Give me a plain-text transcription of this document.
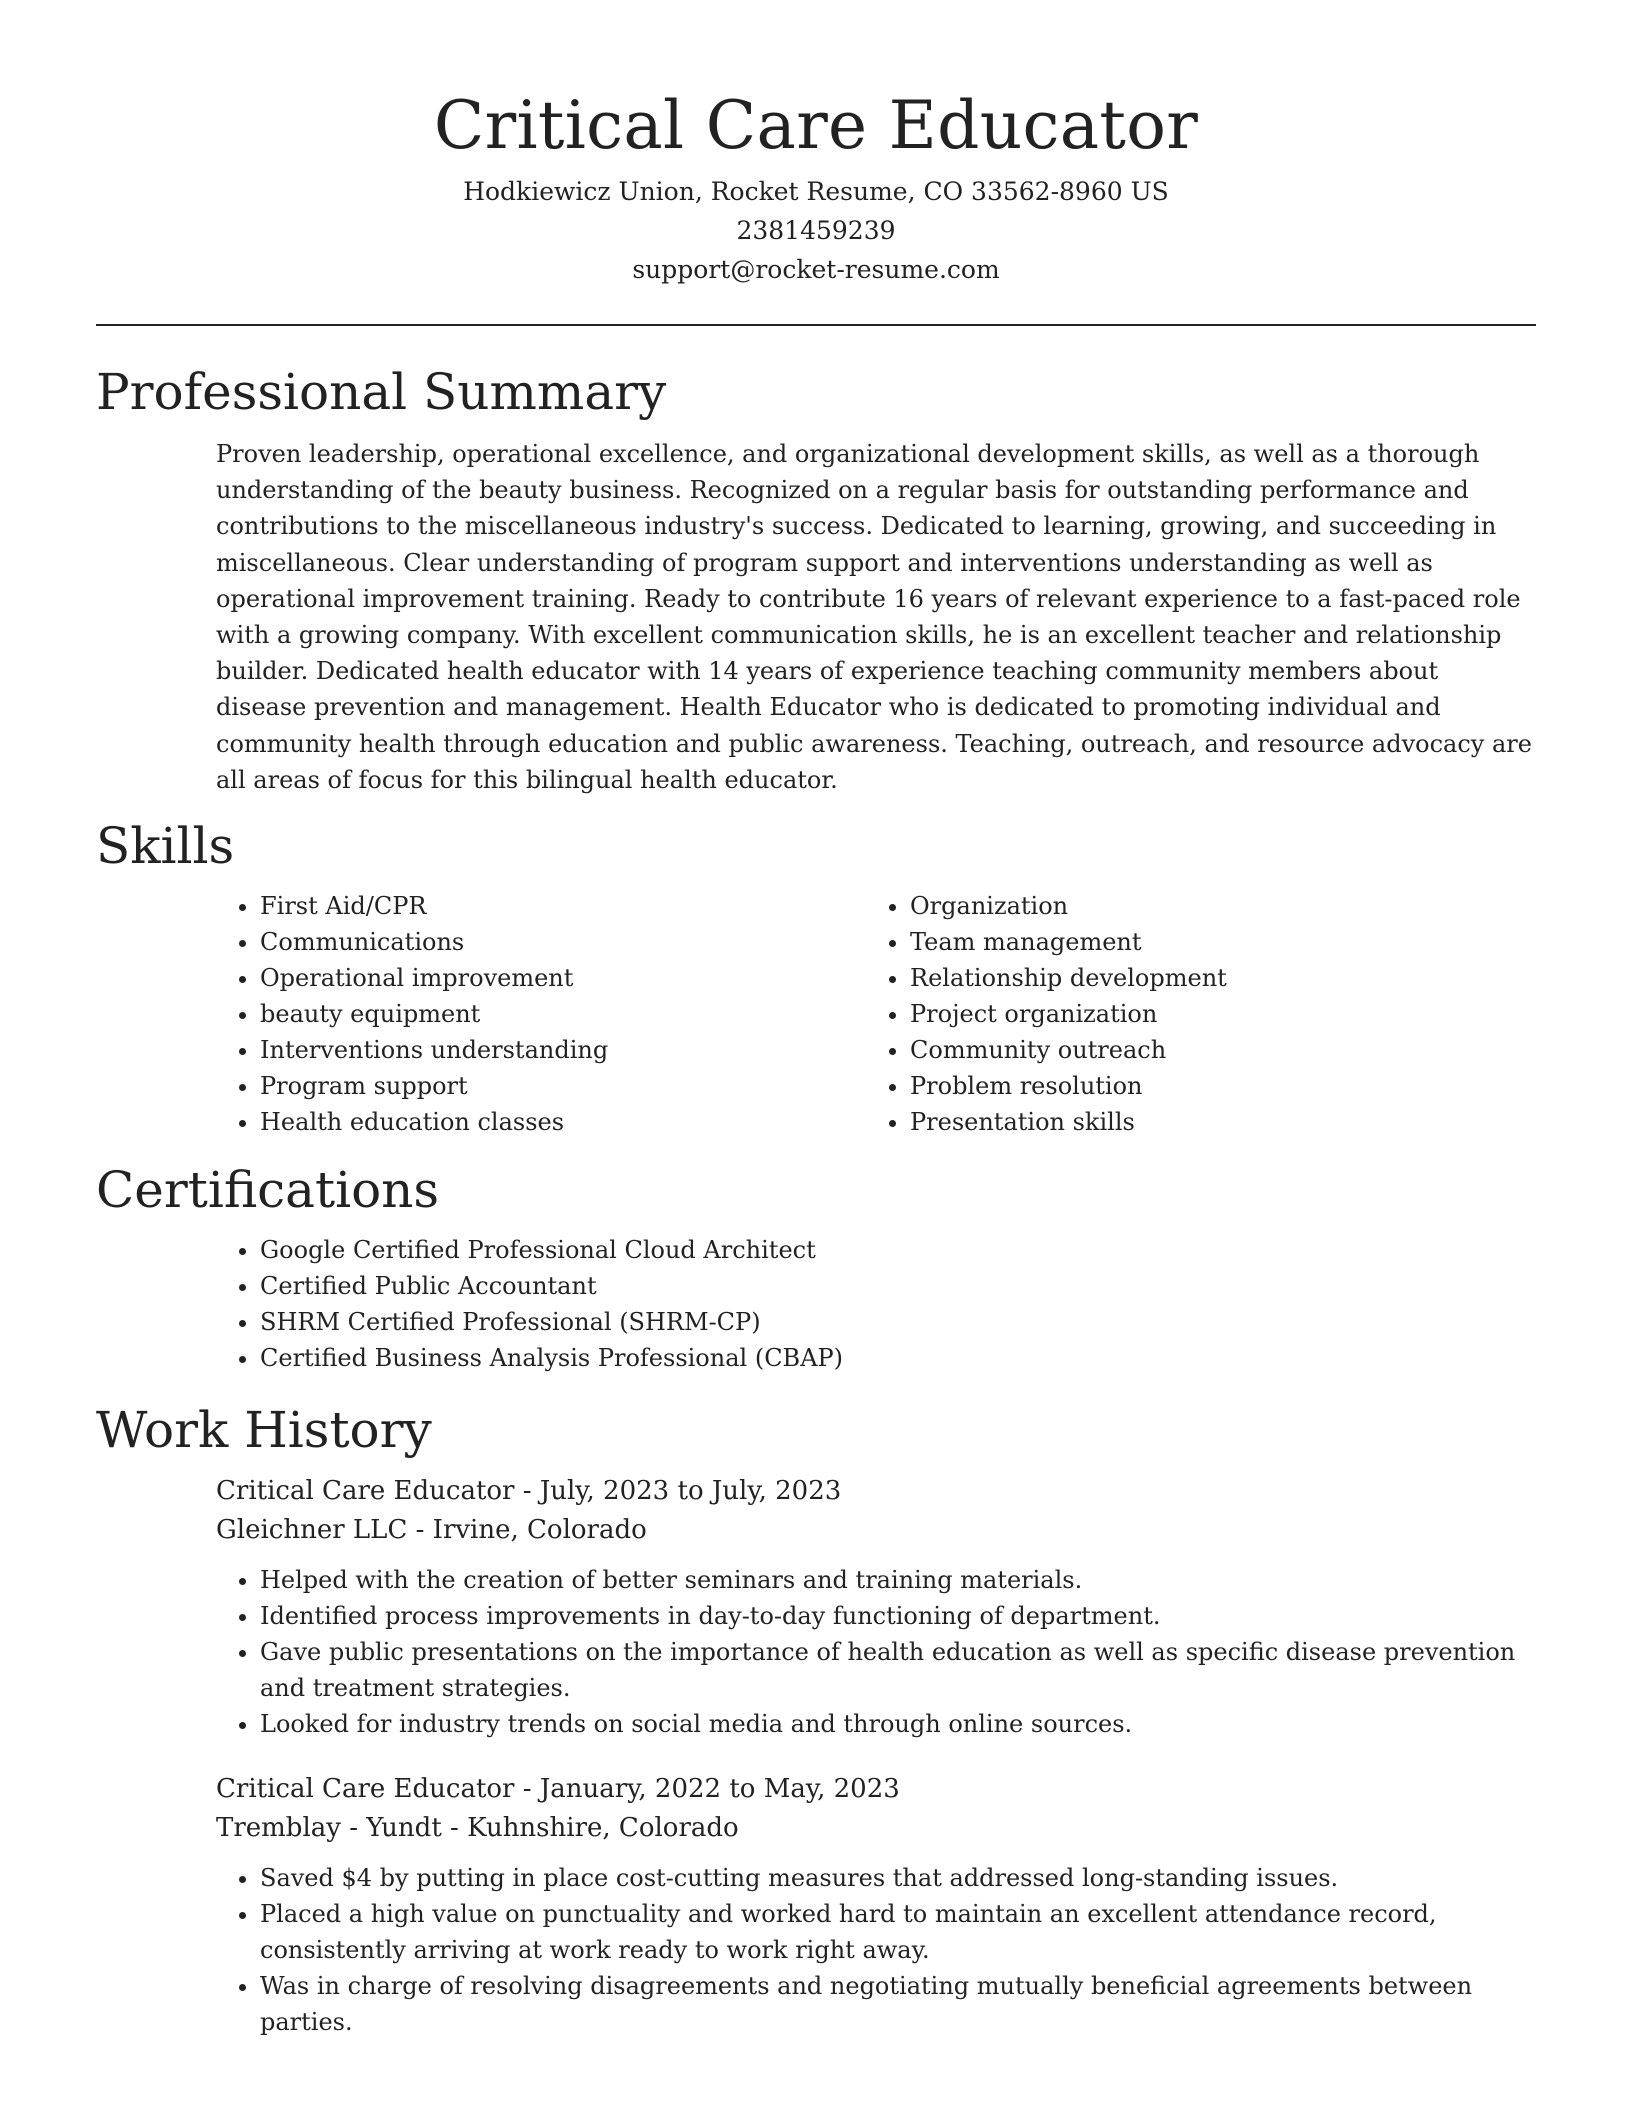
Critical Care Educator

Hodkiewicz Union, Rocket Resume, CO 33562-8960 US

2381459239

support@rocket-resume.com

Professional Summary

Proven leadership, operational excellence, and organizational development skills, as well as a thorough understanding of the beauty business. Recognized on a regular basis for outstanding performance and contributions to the miscellaneous industry's success. Dedicated to learning, growing, and succeeding in miscellaneous. Clear understanding of program support and interventions understanding as well as operational improvement training. Ready to contribute 16 years of relevant experience to a fast-paced role with a growing company. With excellent communication skills, he is an excellent teacher and relationship builder. Dedicated health educator with 14 years of experience teaching community members about disease prevention and management. Health Educator who is dedicated to promoting individual and community health through education and public awareness. Teaching, outreach, and resource advocacy are all areas of focus for this bilingual health educator.

Skills
• First Aid/CPR
• Communications
• Operational improvement
• beauty equipment
• Interventions understanding
• Program support
• Health education classes
• Organization
• Team management
• Relationship development
• Project organization
• Community outreach
• Problem resolution
• Presentation skills
Certifications
• Google Certified Professional Cloud Architect
• Certified Public Accountant
• SHRM Certified Professional (SHRM-CP)
• Certified Business Analysis Professional (CBAP)
Work History

Critical Care Educator - July, 2023 to July, 2023

Gleichner LLC - Irvine, Colorado

• Helped with the creation of better seminars and training materials.
• Identified process improvements in day-to-day functioning of department.
• Gave public presentations on the importance of health education as well as specific disease prevention and treatment strategies.
• Looked for industry trends on social media and through online sources.

Critical Care Educator - January, 2022 to May, 2023

Tremblay - Yundt - Kuhnshire, Colorado

• Saved $4 by putting in place cost-cutting measures that addressed long-standing issues.
• Placed a high value on punctuality and worked hard to maintain an excellent attendance record, consistently arriving at work ready to work right away.
• Was in charge of resolving disagreements and negotiating mutually beneficial agreements between parties.
